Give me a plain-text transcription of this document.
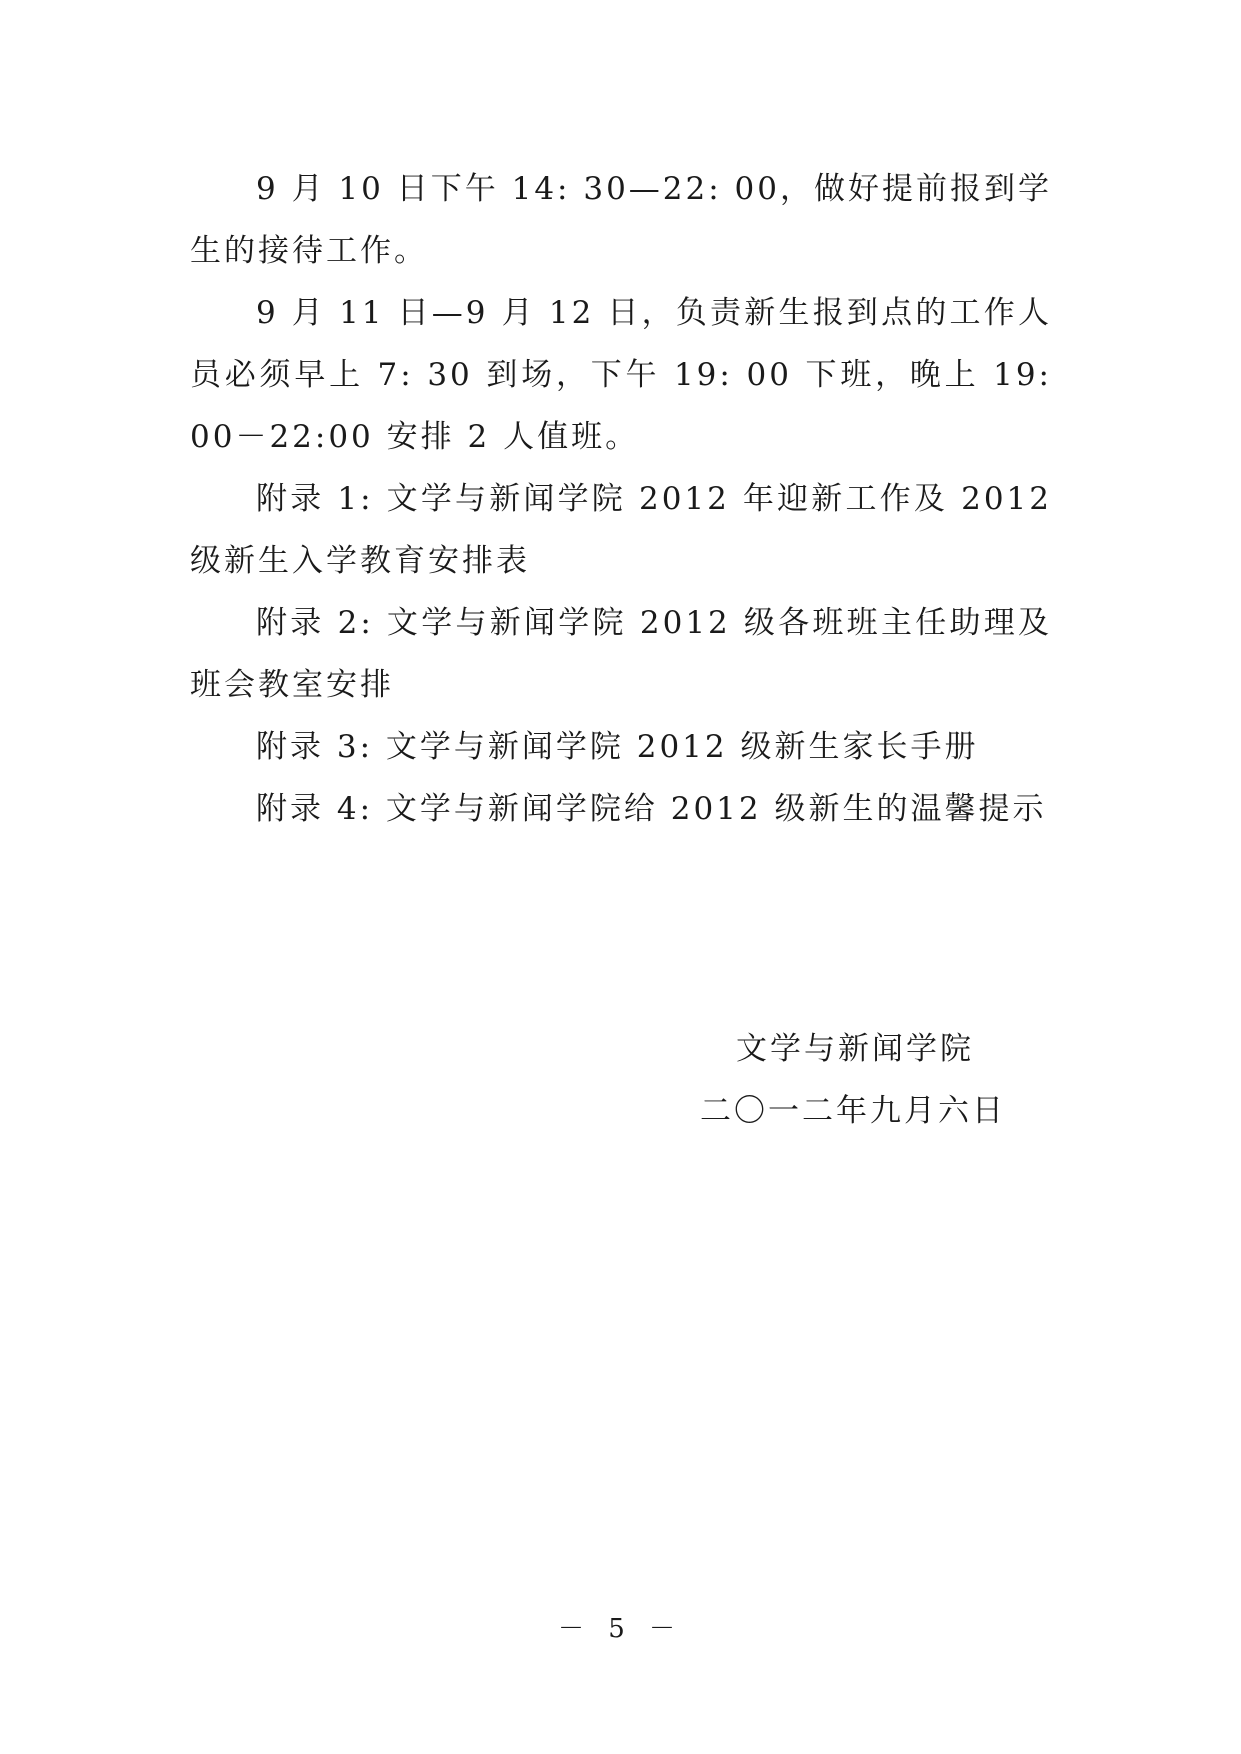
9 月 10 日下午 14: 30—22: 00，做好提前报到学生的接待工作。

9 月 11 日—9 月 12 日，负责新生报到点的工作人员必须早上 7: 30 到场，下午 19: 00 下班，晚上 19:00－22:00 安排 2 人值班。

附录 1: 文学与新闻学院 2012 年迎新工作及 2012 级新生入学教育安排表

附录 2: 文学与新闻学院 2012 级各班班主任助理及班会教室安排

附录 3: 文学与新闻学院 2012 级新生家长手册

附录 4: 文学与新闻学院给 2012 级新生的温馨提示

文学与新闻学院
二〇一二年九月六日
－ 5 －
